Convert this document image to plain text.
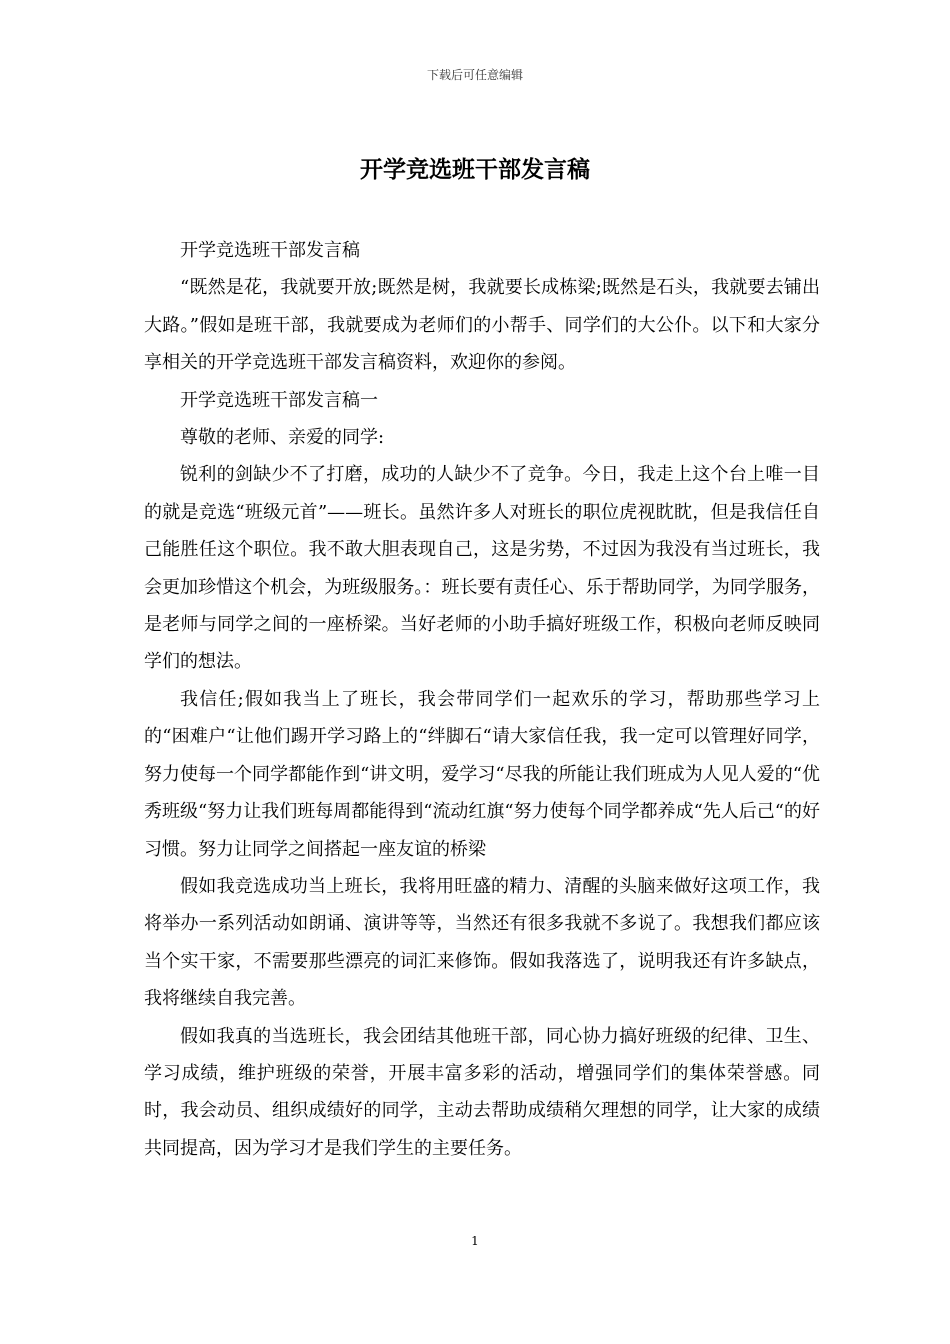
下载后可任意编辑
开学竞选班干部发言稿

开学竞选班干部发言稿

“既然是花，我就要开放;既然是树，我就要长成栋梁;既然是石头，我就要去铺出大路。”假如是班干部，我就要成为老师们的小帮手、同学们的大公仆。以下和大家分享相关的开学竞选班干部发言稿资料，欢迎你的参阅。

开学竞选班干部发言稿一

尊敬的老师、亲爱的同学:

锐利的剑缺少不了打磨，成功的人缺少不了竞争。今日，我走上这个台上唯一目的就是竞选“班级元首”——班长。虽然许多人对班长的职位虎视眈眈，但是我信任自己能胜任这个职位。我不敢大胆表现自己，这是劣势，不过因为我没有当过班长，我会更加珍惜这个机会，为班级服务。：班长要有责任心、乐于帮助同学，为同学服务，是老师与同学之间的一座桥梁。当好老师的小助手搞好班级工作，积极向老师反映同学们的想法。

我信任;假如我当上了班长，我会带同学们一起欢乐的学习，帮助那些学习上的“困难户“让他们踢开学习路上的“绊脚石“请大家信任我，我一定可以管理好同学，努力使每一个同学都能作到“讲文明，爱学习“尽我的所能让我们班成为人见人爱的“优秀班级“努力让我们班每周都能得到“流动红旗“努力使每个同学都养成“先人后己“的好习惯。努力让同学之间搭起一座友谊的桥梁

假如我竞选成功当上班长，我将用旺盛的精力、清醒的头脑来做好这项工作，我将举办一系列活动如朗诵、演讲等等，当然还有很多我就不多说了。我想我们都应该当个实干家，不需要那些漂亮的词汇来修饰。假如我落选了，说明我还有许多缺点，我将继续自我完善。

假如我真的当选班长，我会团结其他班干部，同心协力搞好班级的纪律、卫生、学习成绩，维护班级的荣誉，开展丰富多彩的活动，增强同学们的集体荣誉感。同时，我会动员、组织成绩好的同学，主动去帮助成绩稍欠理想的同学，让大家的成绩共同提高，因为学习才是我们学生的主要任务。

1
